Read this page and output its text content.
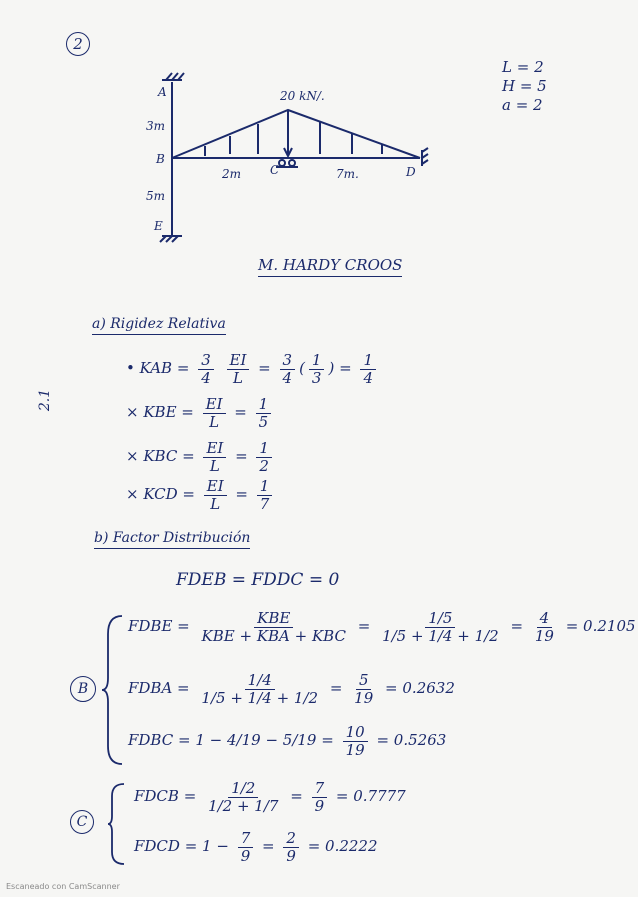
2
L = 2
H = 5
a = 2
A
B
C	D
E
20 kN/.
3m
5m
2m	7m.
M. HARDY CROOS
a) Rigidez Relativa
2.1
• KAB = $\frac{3}{4}$
$\frac{EI}{L} = \frac{3}{4}$ ( $\frac{1}{3}$ ) = $\frac{1}{4}$
× KBE = $\frac{EI}{L} = \frac{1}{5}$
× KBC = $\frac{EI}{L} = \frac{1}{2}$
× KCD = $\frac{EI}{L} = \frac{1}{7}$
b) Factor Distribución
FDEB = FDDC = 0
B
FDBE = $\frac{\text{KBE}}{\text{KBE + KBA + KBC}} = \frac{1/5}{1/5 + 1/4 + 1/2} = \frac{4}{19} = 0.2105$
FDBA = $\frac{1/4}{1/5 + 1/4 + 1/2} = \frac{5}{19} = 0.2632$
FDBC = $1 - 4/19 - 5/19 = \frac{10}{19} = 0.5263$
C
FDCB = $\frac{1/2}{1/2 + 1/7} = \frac{7}{9} = 0.7777$
FDCD = $1 - \frac{7}{9} = \frac{2}{9} = 0.2222$
Escaneado con CamScanner
